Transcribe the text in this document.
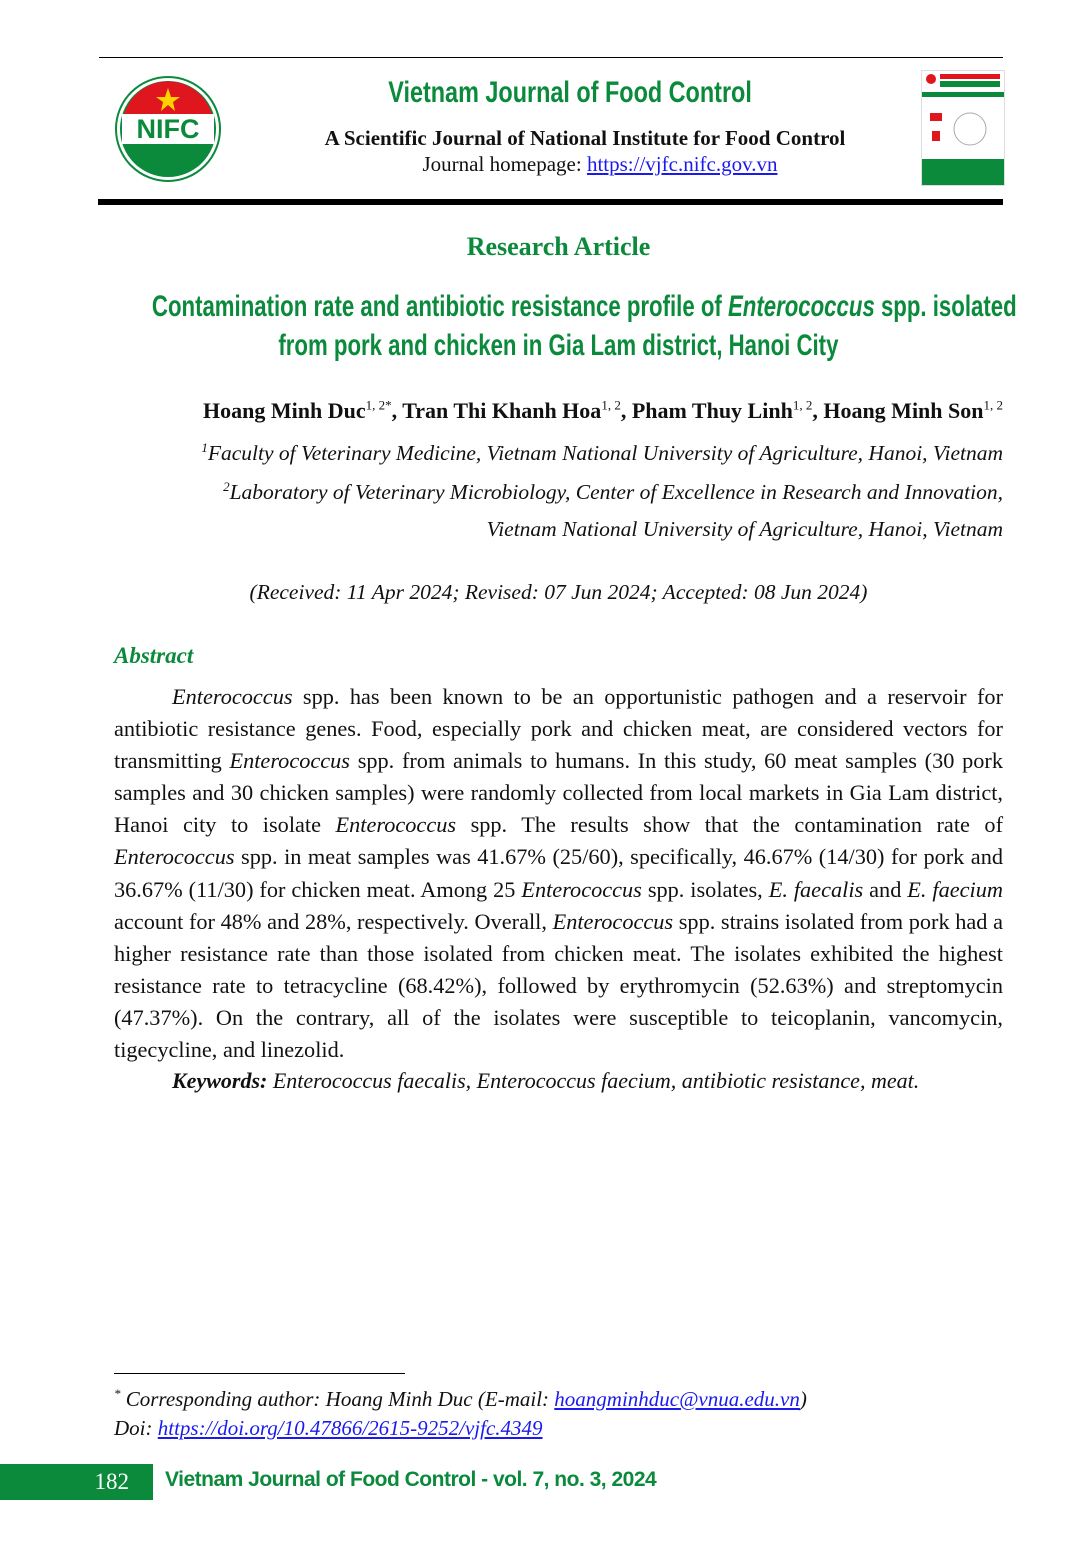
NIFC
Vietnam Journal of Food Control
A Scientific Journal of National Institute for Food Control
Journal homepage: https://vjfc.nifc.gov.vn
Research Article
Contamination rate and antibiotic resistance profile of Enterococcus spp. isolated
from pork and chicken in Gia Lam district, Hanoi City
Hoang Minh Duc$^{1, 2*}$, Tran Thi Khanh Hoa$^{1, 2}$, Pham Thuy Linh$^{1, 2}$, Hoang Minh Son$^{1, 2}$
$^1$Faculty of Veterinary Medicine, Vietnam National University of Agriculture, Hanoi, Vietnam
$^2$Laboratory of Veterinary Microbiology, Center of Excellence in Research and Innovation,
Vietnam National University of Agriculture, Hanoi, Vietnam
(Received: 11 Apr 2024; Revised: 07 Jun 2024; Accepted: 08 Jun 2024)
Abstract

Enterococcus spp. has been known to be an opportunistic pathogen and a reservoir for antibiotic resistance genes. Food, especially pork and chicken meat, are considered vectors for transmitting Enterococcus spp. from animals to humans. In this study, 60 meat samples (30 pork samples and 30 chicken samples) were randomly collected from local markets in Gia Lam district, Hanoi city to isolate Enterococcus spp. The results show that the contamination rate of Enterococcus spp. in meat samples was 41.67% (25/60), specifically, 46.67% (14/30) for pork and 36.67% (11/30) for chicken meat. Among 25 Enterococcus spp. isolates, E. faecalis and E. faecium account for 48% and 28%, respectively. Overall, Enterococcus spp. strains isolated from pork had a higher resistance rate than those isolated from chicken meat. The isolates exhibited the highest resistance rate to tetracycline (68.42%), followed by erythromycin (52.63%) and streptomycin (47.37%). On the contrary, all of the isolates were susceptible to teicoplanin, vancomycin, tigecycline, and linezolid.

Keywords: Enterococcus faecalis, Enterococcus faecium, antibiotic resistance, meat.
* Corresponding author: Hoang Minh Duc (E-mail: hoangminhduc@vnua.edu.vn)
Doi: https://doi.org/10.47866/2615-9252/vjfc.4349
182	Vietnam Journal of Food Control - vol. 7, no. 3, 2024
